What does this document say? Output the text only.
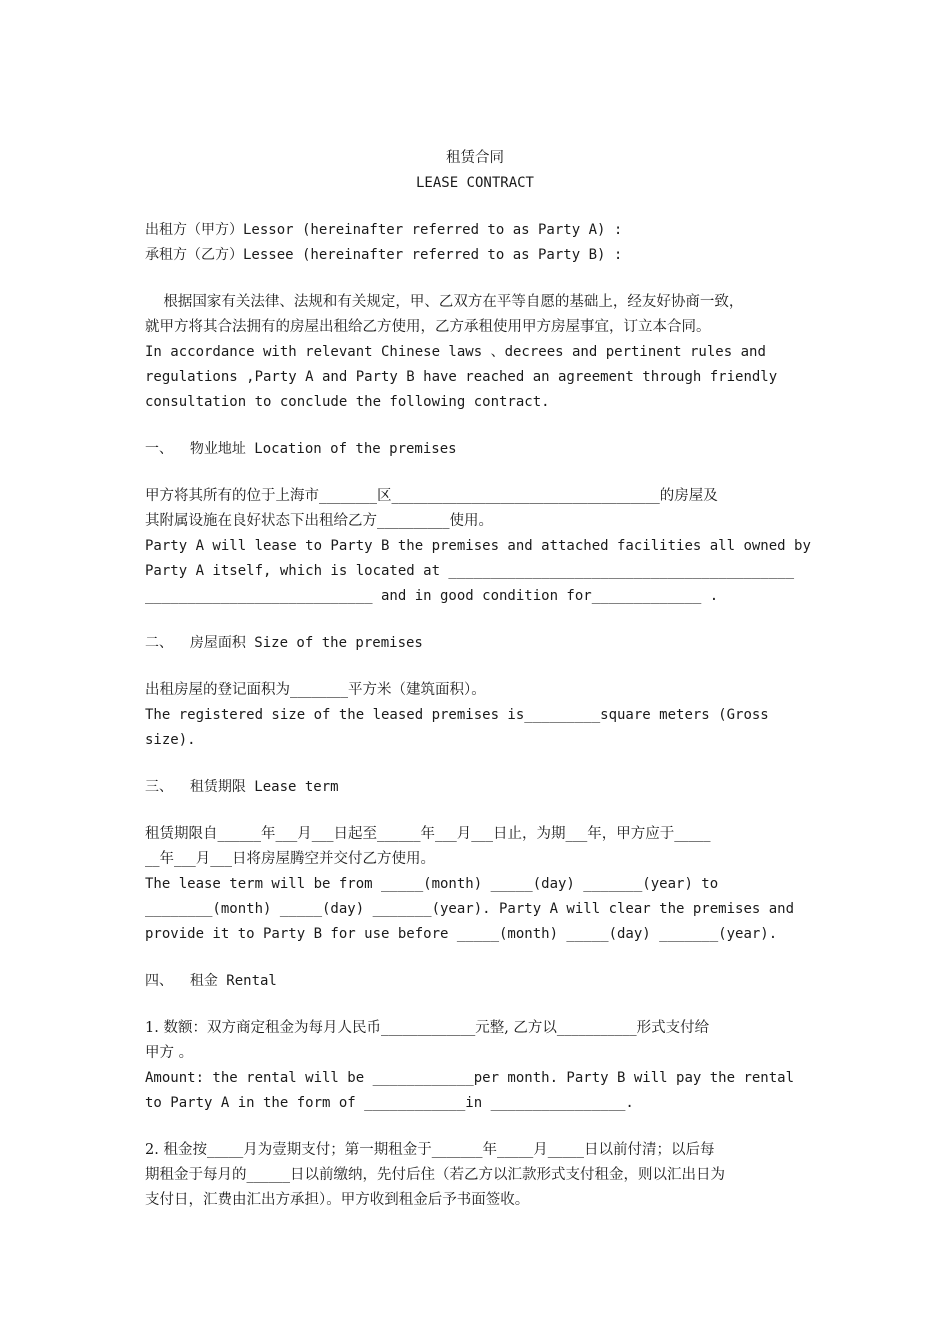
租赁合同

LEASE CONTRACT

出租方（甲方）Lessor (hereinafter referred to as Party A) :

承租方（乙方）Lessee (hereinafter referred to as Party B) :

根据国家有关法律、法规和有关规定，甲、乙双方在平等自愿的基础上，经友好协商一致，

就甲方将其合法拥有的房屋出租给乙方使用，乙方承租使用甲方房屋事宜，订立本合同。

In accordance with relevant Chinese laws 、decrees and pertinent rules and

regulations ,Party A and Party B have reached an agreement through friendly

consultation to conclude the following contract.

一、  物业地址 Location of the premises

甲方将其所有的位于上海市________区_____________________________________的房屋及

其附属设施在良好状态下出租给乙方__________使用。

Party A will lease to Party B the premises and attached facilities all owned by

Party A itself, which is located at _________________________________________

___________________________ and in good condition for_____________ .

二、  房屋面积 Size of the premises

出租房屋的登记面积为________平方米（建筑面积）。

The registered size of the leased premises is_________square meters (Gross

size).

三、  租赁期限 Lease term

租赁期限自______年___月___日起至______年___月___日止，为期___年，甲方应于_____

__年___月___日将房屋腾空并交付乙方使用。

The lease term will be from _____(month) _____(day) _______(year) to

________(month) _____(day) _______(year). Party A will clear the premises and

provide it to Party B for use before _____(month) _____(day) _______(year).

四、  租金 Rental

1. 数额：双方商定租金为每月人民币_____________元整, 乙方以___________形式支付给

甲方 。

Amount: the rental will be ____________per month. Party B will pay the rental

to Party A in the form of ____________in ________________.

2. 租金按_____月为壹期支付；第一期租金于_______年_____月_____日以前付清；以后每

期租金于每月的______日以前缴纳，先付后住（若乙方以汇款形式支付租金，则以汇出日为

支付日，汇费由汇出方承担）。甲方收到租金后予书面签收。
